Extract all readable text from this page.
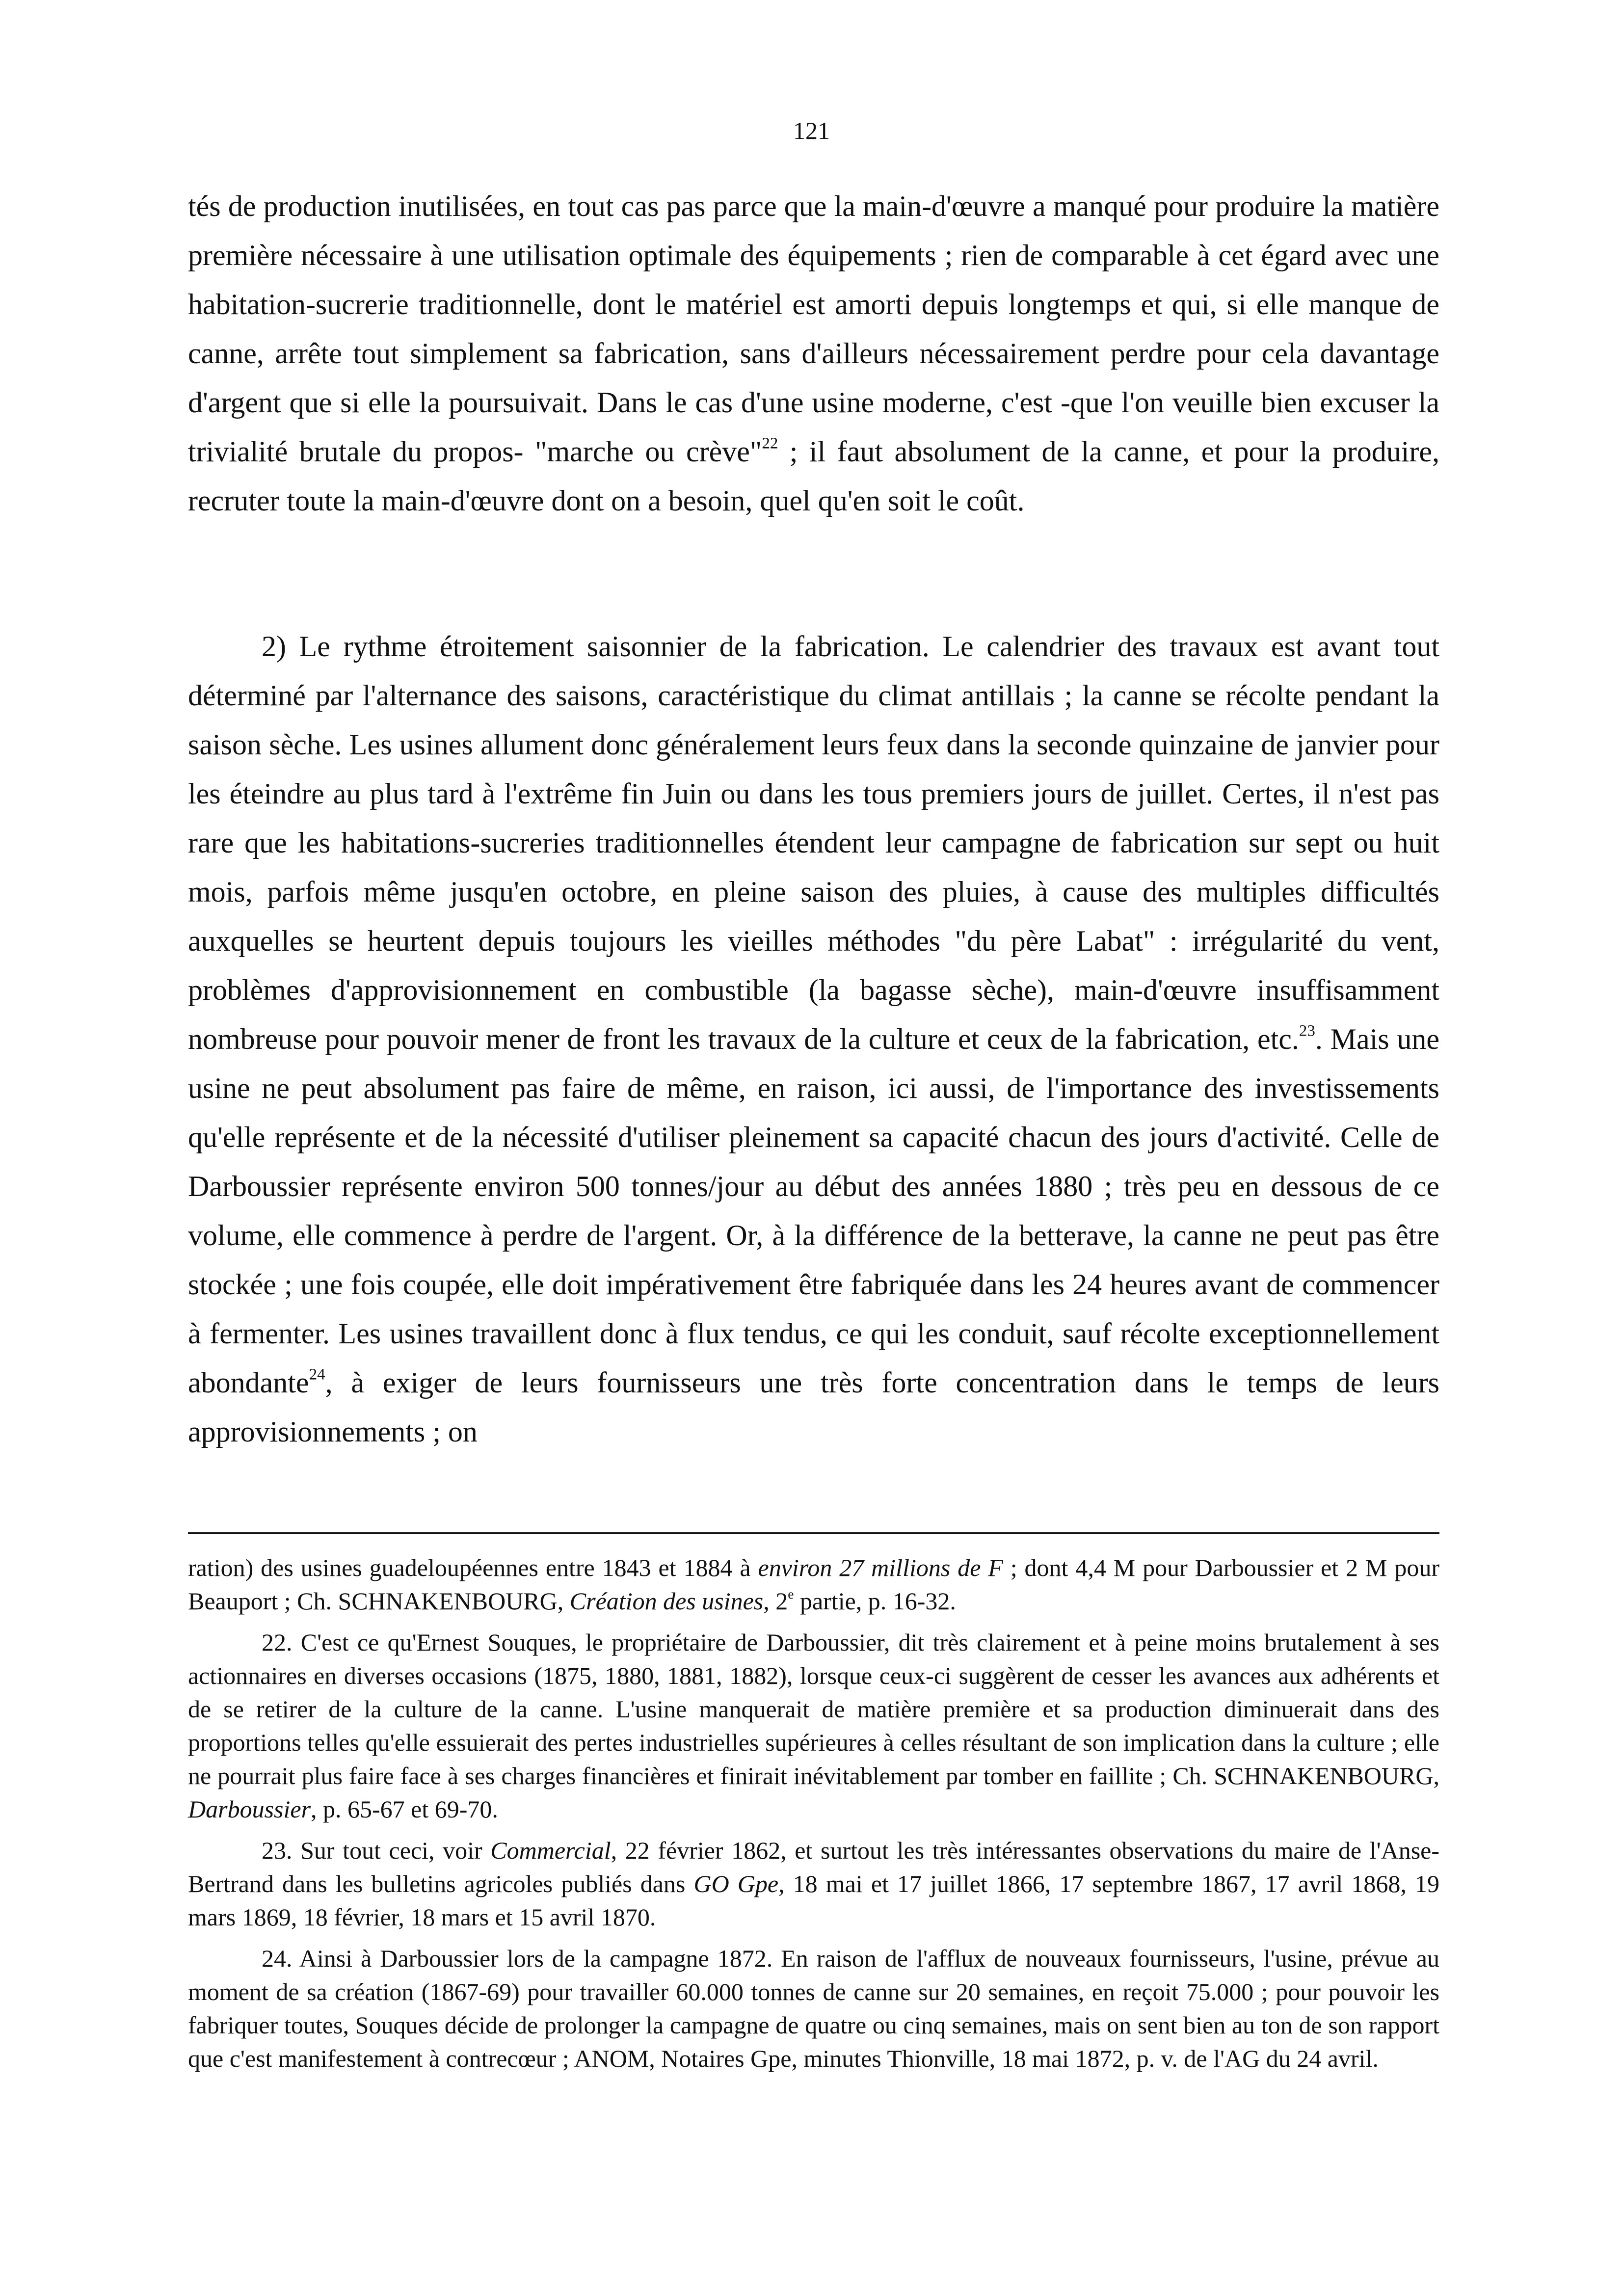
121

tés de production inutilisées, en tout cas pas parce que la main-d'œuvre a manqué pour produire la matière première nécessaire à une utilisation optimale des équipements ; rien de comparable à cet égard avec une habitation-sucrerie traditionnelle, dont le matériel est amorti depuis longtemps et qui, si elle manque de canne, arrête tout simplement sa fabrication, sans d'ailleurs nécessairement perdre pour cela davantage d'argent que si elle la poursuivait. Dans le cas d'une usine moderne, c'est -que l'on veuille bien excuser la trivialité brutale du propos- "marche ou crève"$^{22}$ ; il faut absolument de la canne, et pour la produire, recruter toute la main-d'œuvre dont on a besoin, quel qu'en soit le coût.

2) Le rythme étroitement saisonnier de la fabrication. Le calendrier des travaux est avant tout déterminé par l'alternance des saisons, caractéristique du climat antillais ; la canne se récolte pendant la saison sèche. Les usines allument donc généralement leurs feux dans la seconde quinzaine de janvier pour les éteindre au plus tard à l'extrême fin Juin ou dans les tous premiers jours de juillet. Certes, il n'est pas rare que les habitations-sucreries traditionnelles étendent leur campagne de fabrication sur sept ou huit mois, parfois même jusqu'en octobre, en pleine saison des pluies, à cause des multiples difficultés auxquelles se heurtent depuis toujours les vieilles méthodes "du père Labat" : irrégularité du vent, problèmes d'approvisionnement en combustible (la bagasse sèche), main-d'œuvre insuffisamment nombreuse pour pouvoir mener de front les travaux de la culture et ceux de la fabrication, etc.$^{23}$. Mais une usine ne peut absolument pas faire de même, en raison, ici aussi, de l'importance des investissements qu'elle représente et de la nécessité d'utiliser pleinement sa capacité chacun des jours d'activité. Celle de Darboussier représente environ 500 tonnes/jour au début des années 1880 ; très peu en dessous de ce volume, elle commence à perdre de l'argent. Or, à la différence de la betterave, la canne ne peut pas être stockée ; une fois coupée, elle doit impérativement être fabriquée dans les 24 heures avant de commencer à fermenter. Les usines travaillent donc à flux tendus, ce qui les conduit, sauf récolte exceptionnellement abondante$^{24}$, à exiger de leurs fournisseurs une très forte concentration dans le temps de leurs approvisionnements ; on

ration) des usines guadeloupéennes entre 1843 et 1884 à environ 27 millions de F ; dont 4,4 M pour Darboussier et 2 M pour Beauport ; Ch. SCHNAKENBOURG, Création des usines, 2e partie, p. 16-32.

22. C'est ce qu'Ernest Souques, le propriétaire de Darboussier, dit très clairement et à peine moins brutalement à ses actionnaires en diverses occasions (1875, 1880, 1881, 1882), lorsque ceux-ci suggèrent de cesser les avances aux adhérents et de se retirer de la culture de la canne. L'usine manquerait de matière première et sa production diminuerait dans des proportions telles qu'elle essuierait des pertes industrielles supérieures à celles résultant de son implication dans la culture ; elle ne pourrait plus faire face à ses charges financières et finirait inévitablement par tomber en faillite ; Ch. SCHNAKENBOURG, Darboussier, p. 65-67 et 69-70.

23. Sur tout ceci, voir Commercial, 22 février 1862, et surtout les très intéressantes observations du maire de l'Anse-Bertrand dans les bulletins agricoles publiés dans GO Gpe, 18 mai et 17 juillet 1866, 17 septembre 1867, 17 avril 1868, 19 mars 1869, 18 février, 18 mars et 15 avril 1870.

24. Ainsi à Darboussier lors de la campagne 1872. En raison de l'afflux de nouveaux fournisseurs, l'usine, prévue au moment de sa création (1867-69) pour travailler 60.000 tonnes de canne sur 20 semaines, en reçoit 75.000 ; pour pouvoir les fabriquer toutes, Souques décide de prolonger la campagne de quatre ou cinq semaines, mais on sent bien au ton de son rapport que c'est manifestement à contrecœur ; ANOM, Notaires Gpe, minutes Thionville, 18 mai 1872, p. v. de l'AG du 24 avril.
